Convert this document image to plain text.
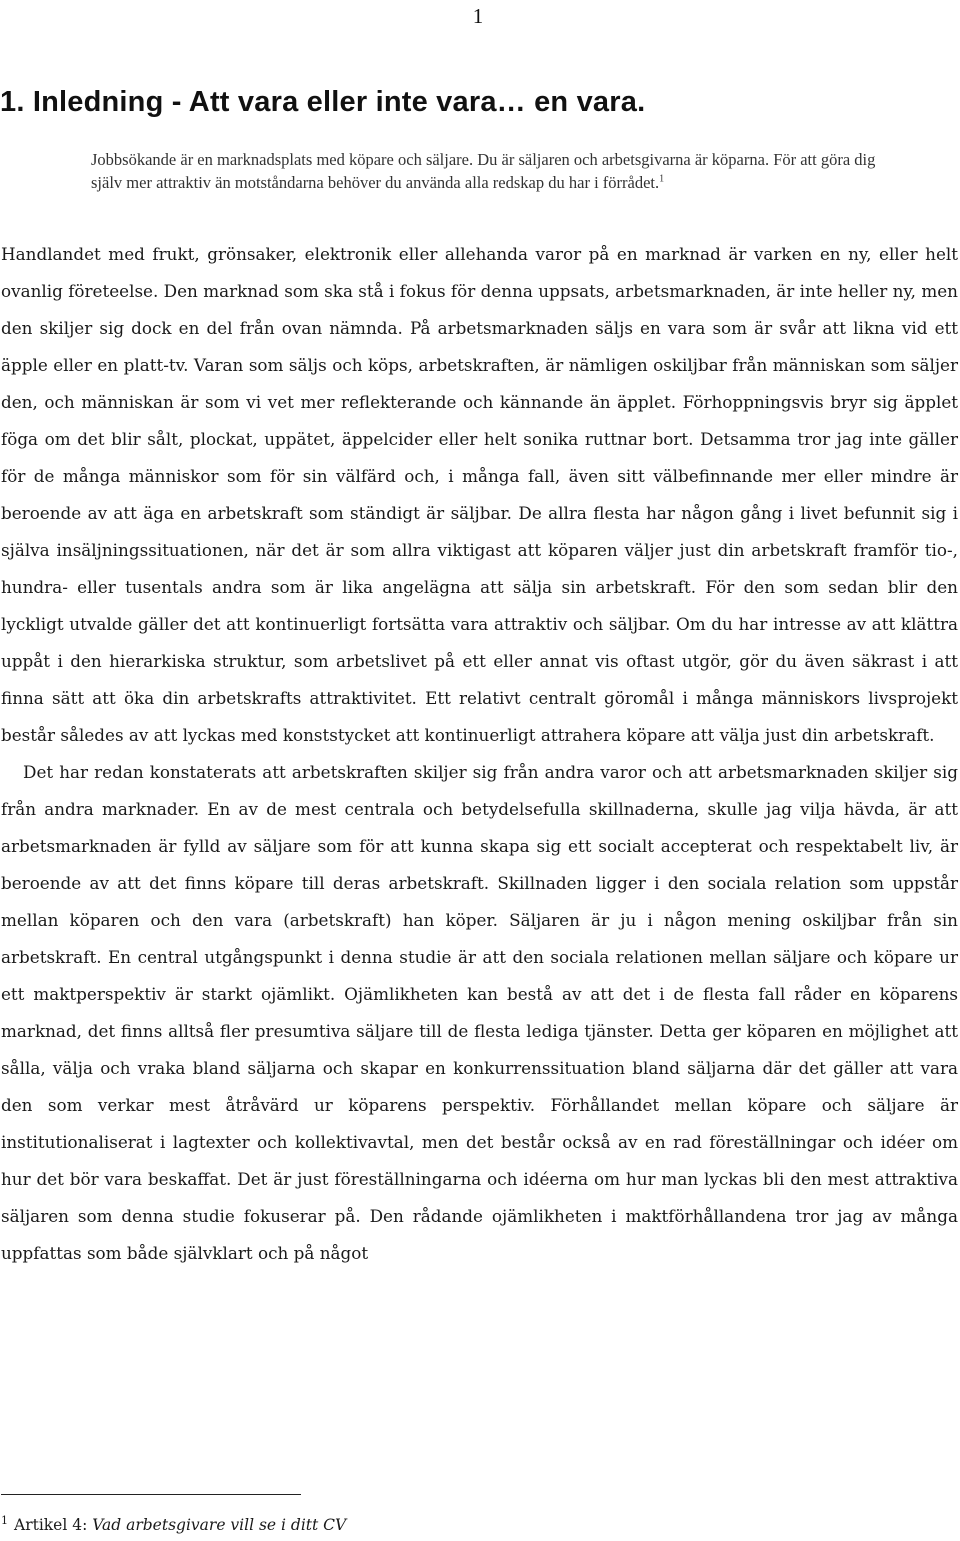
1
1. Inledning - Att vara eller inte vara… en vara.

Jobbsökande är en marknadsplats med köpare och säljare. Du är säljaren och arbetsgivarna är köparna. För att göra dig själv mer attraktiv än motståndarna behöver du använda alla redskap du har i förrådet.$^1$

Handlandet med frukt, grönsaker, elektronik eller allehanda varor på en marknad är varken en ny, eller helt ovanlig företeelse. Den marknad som ska stå i fokus för denna uppsats, arbetsmarknaden, är inte heller ny, men den skiljer sig dock en del från ovan nämnda. På arbetsmarknaden säljs en vara som är svår att likna vid ett äpple eller en platt-tv. Varan som säljs och köps, arbetskraften, är nämligen oskiljbar från människan som säljer den, och människan är som vi vet mer reflekterande och kännande än äpplet. Förhoppningsvis bryr sig äpplet föga om det blir sålt, plockat, uppätet, äppelcider eller helt sonika ruttnar bort. Detsamma tror jag inte gäller för de många människor som för sin välfärd och, i många fall, även sitt välbefinnande mer eller mindre är beroende av att äga en arbetskraft som ständigt är säljbar. De allra flesta har någon gång i livet befunnit sig i själva insäljningssituationen, när det är som allra viktigast att köparen väljer just din arbetskraft framför tio-, hundra- eller tusentals andra som är lika angelägna att sälja sin arbetskraft. För den som sedan blir den lyckligt utvalde gäller det att kontinuerligt fortsätta vara attraktiv och säljbar. Om du har intresse av att klättra uppåt i den hierarkiska struktur, som arbetslivet på ett eller annat vis oftast utgör, gör du även säkrast i att finna sätt att öka din arbetskrafts attraktivitet. Ett relativt centralt göromål i många människors livsprojekt består således av att lyckas med konststycket att kontinuerligt attrahera köpare att välja just din arbetskraft.

Det har redan konstaterats att arbetskraften skiljer sig från andra varor och att arbetsmarknaden skiljer sig från andra marknader. En av de mest centrala och betydelsefulla skillnaderna, skulle jag vilja hävda, är att arbetsmarknaden är fylld av säljare som för att kunna skapa sig ett socialt accepterat och respektabelt liv, är beroende av att det finns köpare till deras arbetskraft. Skillnaden ligger i den sociala relation som uppstår mellan köparen och den vara (arbetskraft) han köper. Säljaren är ju i någon mening oskiljbar från sin arbetskraft. En central utgångspunkt i denna studie är att den sociala relationen mellan säljare och köpare ur ett maktperspektiv är starkt ojämlikt. Ojämlikheten kan bestå av att det i de flesta fall råder en köparens marknad, det finns alltså fler presumtiva säljare till de flesta lediga tjänster. Detta ger köparen en möjlighet att sålla, välja och vraka bland säljarna och skapar en konkurrenssituation bland säljarna där det gäller att vara den som verkar mest åtråvärd ur köparens perspektiv. Förhållandet mellan köpare och säljare är institutionaliserat i lagtexter och kollektivavtal, men det består också av en rad föreställningar och idéer om hur det bör vara beskaffat. Det är just föreställningarna och idéerna om hur man lyckas bli den mest attraktiva säljaren som denna studie fokuserar på. Den rådande ojämlikheten i maktförhållandena tror jag av många uppfattas som både självklart och på något

$^1$ Artikel 4: Vad arbetsgivare vill se i ditt CV
